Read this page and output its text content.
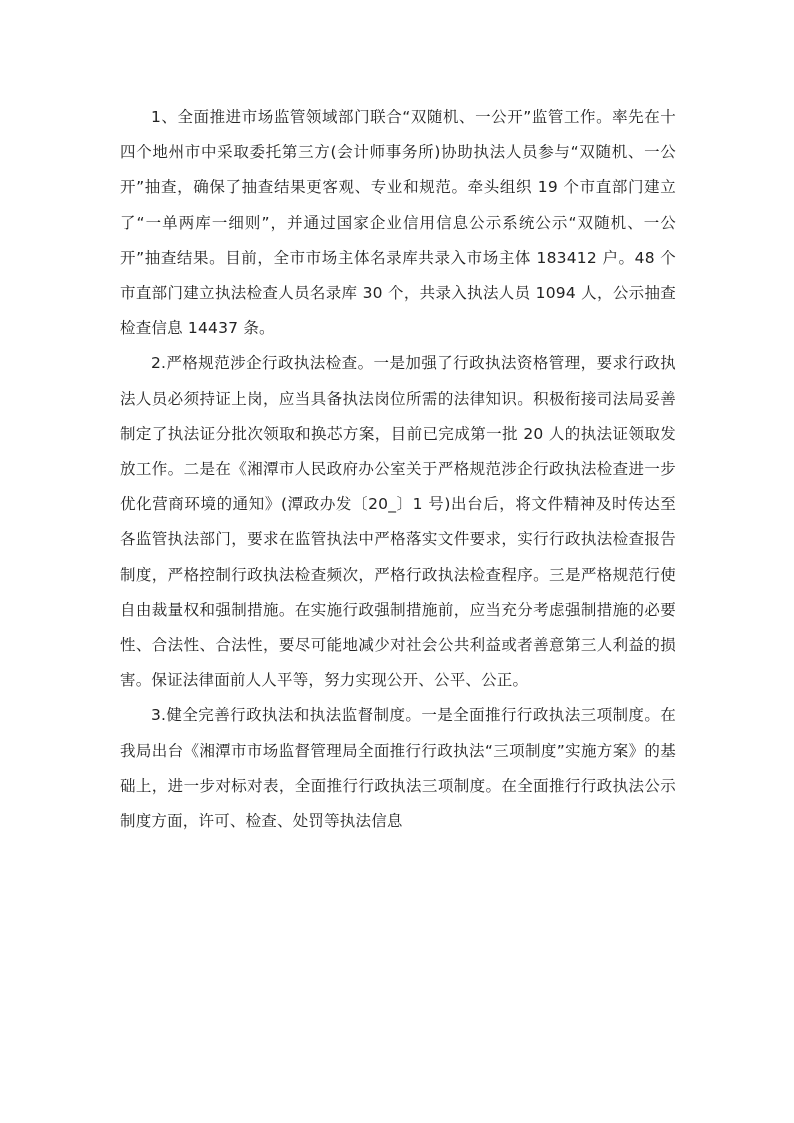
1、全面推进市场监管领域部门联合“双随机、一公开”监管工作。率先在十四个地州市中采取委托第三方(会计师事务所)协助执法人员参与“双随机、一公开”抽查，确保了抽查结果更客观、专业和规范。牵头组织 19 个市直部门建立了“一单两库一细则”，并通过国家企业信用信息公示系统公示“双随机、一公开”抽查结果。目前，全市市场主体名录库共录入市场主体 183412 户。48 个市直部门建立执法检查人员名录库 30 个，共录入执法人员 1094 人，公示抽查检查信息 14437 条。

2.严格规范涉企行政执法检查。一是加强了行政执法资格管理，要求行政执法人员必须持证上岗，应当具备执法岗位所需的法律知识。积极衔接司法局妥善制定了执法证分批次领取和换芯方案，目前已完成第一批 20 人的执法证领取发放工作。二是在《湘潭市人民政府办公室关于严格规范涉企行政执法检查进一步优化营商环境的通知》(潭政办发〔20_〕1 号)出台后，将文件精神及时传达至各监管执法部门，要求在监管执法中严格落实文件要求，实行行政执法检查报告制度，严格控制行政执法检查频次，严格行政执法检查程序。三是严格规范行使自由裁量权和强制措施。在实施行政强制措施前，应当充分考虑强制措施的必要性、合法性、合法性，要尽可能地减少对社会公共利益或者善意第三人利益的损害。保证法律面前人人平等，努力实现公开、公平、公正。

3.健全完善行政执法和执法监督制度。一是全面推行行政执法三项制度。在我局出台《湘潭市市场监督管理局全面推行行政执法“三项制度”实施方案》的基础上，进一步对标对表，全面推行行政执法三项制度。在全面推行行政执法公示制度方面，许可、检查、处罚等执法信息
